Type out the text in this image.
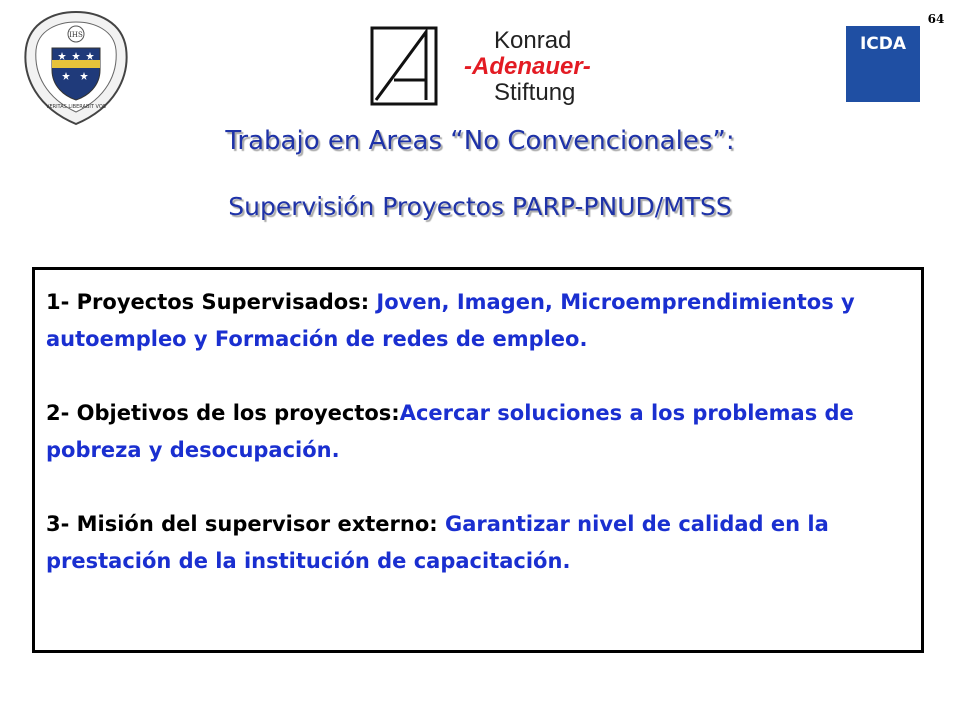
IHS
VERITAS LIBERABIT VOS
Konrad
-Adenauer-
Stiftung
ICDA
64
Trabajo en Areas “No Convencionales”:
Supervisión Proyectos PARP-PNUD/MTSS

1- Proyectos Supervisados: Joven, Imagen, Microemprendimientos y autoempleo y Formación de redes de empleo.

2- Objetivos de los proyectos:Acercar soluciones a los problemas de pobreza y desocupación.

3- Misión del supervisor externo: Garantizar nivel de calidad en la prestación de la institución de capacitación.
